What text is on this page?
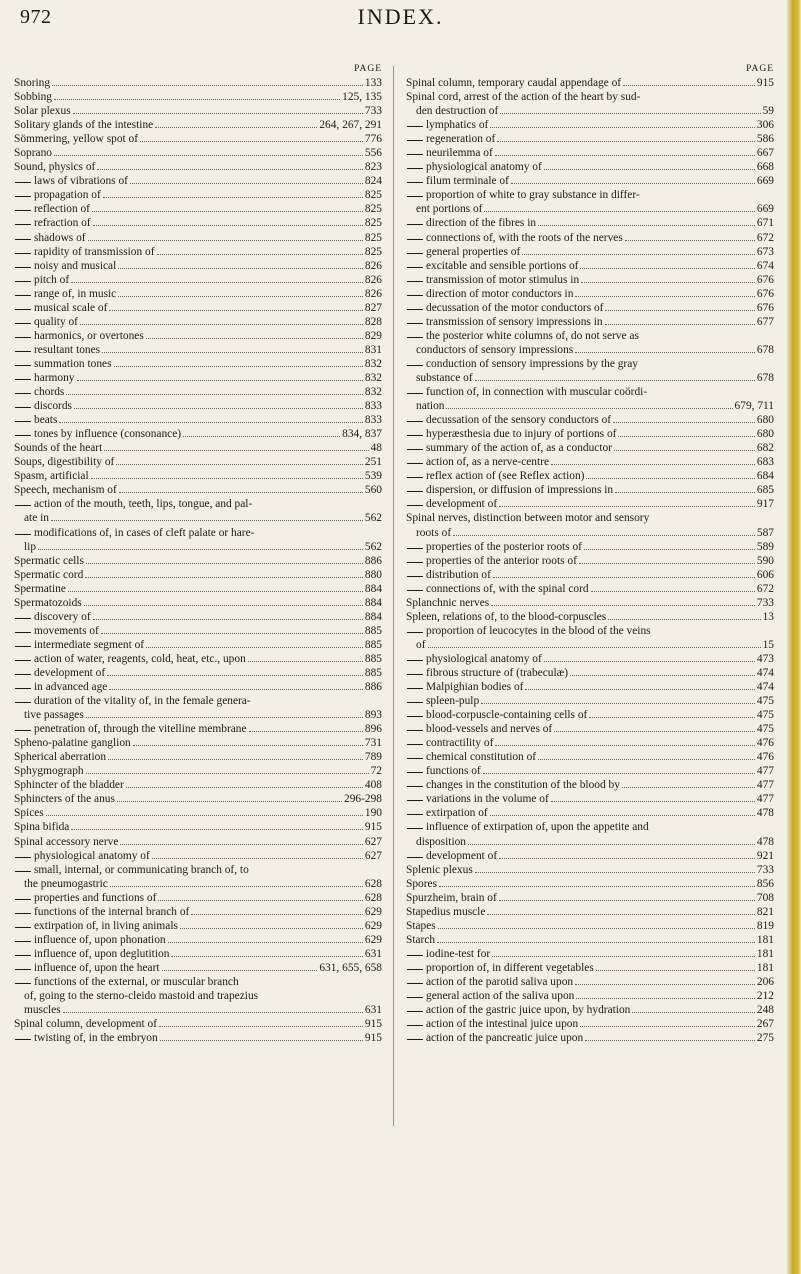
972	INDEX.
PAGE
Snoring	133
Sobbing	125, 135
Solar plexus	733
Solitary glands of the intestine	264, 267, 291
Sömmering, yellow spot of	776
Soprano	556
Sound, physics of	823
laws of vibrations of	824
propagation of	825
reflection of	825
refraction of	825
shadows of	825
rapidity of transmission of	825
noisy and musical	826
pitch of	826
range of, in music	826
musical scale of	827
quality of	828
harmonics, or overtones	829
resultant tones	831
summation tones	832
harmony	832
chords	832
discords	833
beats	833
tones by influence (consonance)	834, 837
Sounds of the heart	48
Soups, digestibility of	251
Spasm, artificial	539
Speech, mechanism of	560
action of the mouth, teeth, lips, tongue, and pal-
ate in	562
modifications of, in cases of cleft palate or hare-
lip	562
Spermatic cells	886
Spermatic cord	880
Spermatine	884
Spermatozoids	884
discovery of	884
movements of	885
intermediate segment of	885
action of water, reagents, cold, heat, etc., upon	885
development of	885
in advanced age	886
duration of the vitality of, in the female genera-
tive passages	893
penetration of, through the vitelline membrane	896
Spheno-palatine ganglion	731
Spherical aberration	789
Sphygmograph	72
Sphincter of the bladder	408
Sphincters of the anus	296-298
Spices	190
Spina bifida	915
Spinal accessory nerve	627
physiological anatomy of	627
small, internal, or communicating branch of, to
the pneumogastric	628
properties and functions of	628
functions of the internal branch of	629
extirpation of, in living animals	629
influence of, upon phonation	629
influence of, upon deglutition	631
influence of, upon the heart	631, 655, 658
functions of the external, or muscular branch
of, going to the sterno-cleido mastoid and trapezius
muscles	631
Spinal column, development of	915
twisting of, in the embryon	915
PAGE
Spinal column, temporary caudal appendage of	915
Spinal cord, arrest of the action of the heart by sud-
den destruction of	59
lymphatics of	306
regeneration of	586
neurilemma of	667
physiological anatomy of	668
filum terminale of	669
proportion of white to gray substance in differ-
ent portions of	669
direction of the fibres in	671
connections of, with the roots of the nerves	672
general properties of	673
excitable and sensible portions of	674
transmission of motor stimulus in	676
direction of motor conductors in	676
decussation of the motor conductors of	676
transmission of sensory impressions in	677
the posterior white columns of, do not serve as
conductors of sensory impressions	678
conduction of sensory impressions by the gray
substance of	678
function of, in connection with muscular coördi-
nation	679, 711
decussation of the sensory conductors of	680
hyperæsthesia due to injury of portions of	680
summary of the action of, as a conductor	682
action of, as a nerve-centre	683
reflex action of (see Reflex action)	684
dispersion, or diffusion of impressions in	685
development of	917
Spinal nerves, distinction between motor and sensory
roots of	587
properties of the posterior roots of	589
properties of the anterior roots of	590
distribution of	606
connections of, with the spinal cord	672
Splanchnic nerves	733
Spleen, relations of, to the blood-corpuscles	13
proportion of leucocytes in the blood of the veins
of	15
physiological anatomy of	473
fibrous structure of (trabeculæ)	474
Malpighian bodies of	474
spleen-pulp	475
blood-corpuscle-containing cells of	475
blood-vessels and nerves of	475
contractility of	476
chemical constitution of	476
functions of	477
changes in the constitution of the blood by	477
variations in the volume of	477
extirpation of	478
influence of extirpation of, upon the appetite and
disposition	478
development of	921
Splenic plexus	733
Spores	856
Spurzheim, brain of	708
Stapedius muscle	821
Stapes	819
Starch	181
iodine-test for	181
proportion of, in different vegetables	181
action of the parotid saliva upon	206
general action of the saliva upon	212
action of the gastric juice upon, by hydration	248
action of the intestinal juice upon	267
action of the pancreatic juice upon	275
